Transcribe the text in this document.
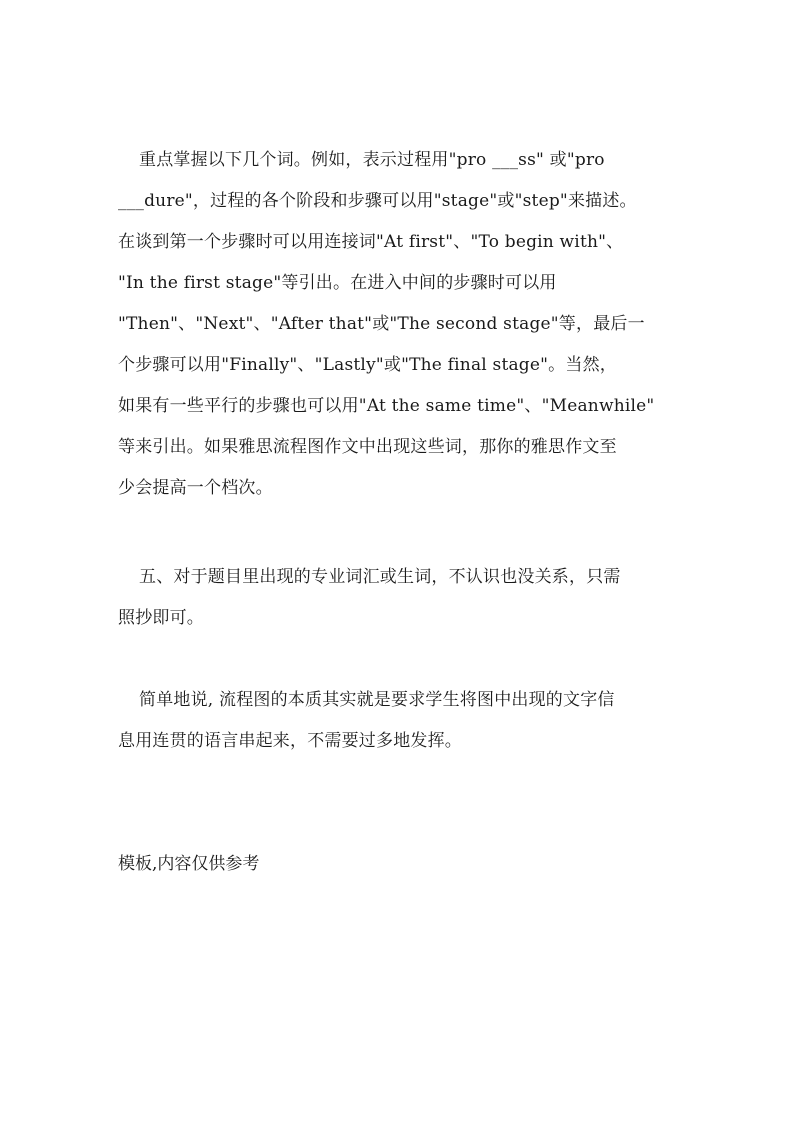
重点掌握以下几个词。例如，表示过程用"pro ___ss" 或"pro
___dure"，过程的各个阶段和步骤可以用"stage"或"step"来描述。
在谈到第一个步骤时可以用连接词"At first"、"To begin with"、
"In the first stage"等引出。在进入中间的步骤时可以用
"Then"、"Next"、"After that"或"The second stage"等，最后一
个步骤可以用"Finally"、"Lastly"或"The final stage"。当然，
如果有一些平行的步骤也可以用"At the same time"、"Meanwhile"
等来引出。如果雅思流程图作文中出现这些词，那你的雅思作文至
少会提高一个档次。
五、对于题目里出现的专业词汇或生词，不认识也没关系，只需
照抄即可。
简单地说, 流程图的本质其实就是要求学生将图中出现的文字信
息用连贯的语言串起来，不需要过多地发挥。
模板,内容仅供参考
